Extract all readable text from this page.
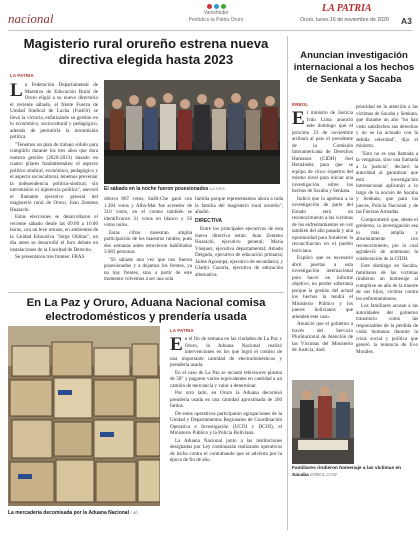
nacional	Vanishtubo
Periódico la Patria Oruro
LA PATRIA
Oruro, lunes 16 de noviembre de 2020 A3
Magisterio rural orureño estrena nueva directiva elegida hasta 2023
LA PATRIA

La Federación Departamental de Maestros de Educación Rural de Oruro eligió a su nuevo directorio el reciente sábado, el frente Fuerza de Unidad Sindical de Lucha (FusiOr) se llevó la victoria, enfatizando su gestión en lo económico, sociocultural y pedagógico, además de permitirla la intromisión política.

"Tenemos un plan de trabajo sólido para cumplirlo durante los tres años que dura nuestra gestión (2020-2023) basado en cuatro pilares fundamentales: el aspecto político sindical, económico, pedagógico y el aspecto sociocultural, tenemos preveniar la independencia política-sindical, sin intromisión ni injerencia política", aseveró el flamante ejecutivo general del magisterio rural de Oruro, Juan Zenteno Huarachi.

Estas elecciones se desarrollaron el reciente sábado desde las 09:00 a 16:00 horas, con un leve retraso, en ambientes de la Unidad Educativa "Jorge Oblitas", un día antes se desarrolló el foro debate en instalaciones de la Facultad de Derecho.

Se presentaron tres frentes: FRAS

El sábado en la noche fueron posesionados La rrms.

obtuvo 867 votos, SuHi-Che ganó con 1.284 votos y Alba-Mar fue acreedor de 310 votos, en el conteo también se identificaron 31 votos en blanco y 56 votos nulos.

Estas cifras muestran amplia participación de los maestros rurales, pues dos semanas antes estuvieron habilitados 3.083 personas.

"El sábado una vez que nos fueron posesionados y a dejamos los frentes, ya no hay frentes, sino a partir de este momento volvemos a ser una sola

familia porque representamos ahora a toda la familia del magisterio rural orureño", añadió.

DIRECTIVA

Entre los principales ejecutivos de esta nueva directiva están: Juan Zenteno Huarachi, ejecutivo general; María Vásquez, ejecutiva departamental; Amado Delgado, ejecutivo de educación primaria; Jaime Agostopa, ejecutivo de secundaria; y Gladys Cazorla, ejecutiva de educación alternativa.

En La Paz y Oruro, Aduana Nacional comisa electrodomésticos y prendería usada
La mercadería decomisada por la Aduana Nacional / ab.
LA PATRIA

En el fin de semana en las ciudades de La Paz y Oruro, la Aduana Nacional realizó intervenciones en los que logró el comiso de una importante cantidad de electrodomésticos y prendería usada.

En el caso de La Paz se incautó televisores plasma de 58" y pagaron varios equivalentes en cantidad a un camión de mercancía y valor a determinar.

Por otro lado, en Oruro la Aduana decomisó prendería usada en una cantidad aproximada de 200 fardos.

De estos operativos participaron agrupaciones de la Unidad y Departamentos Regionales de Coordinación Operativa e Investigación (UCOI y DCOI), el Ministerio Público y la Policía Boliviana.

La Aduana Nacional junto a las instituciones designadas por Ley continuarán realizando operativos de lucha contra el contrabando que se advierta por la época de fin de año.

Anuncian investigación internacional a los hechos de Senkata y Sacaba
ERBOL

El ministro de Justicia Iván Lima anunció este domingo que el próximo 23 de noviembre arribará al país el presidente de la Comisión Interamericana de Derechos Humanos (CIDH) Joel Hernández para que se equipo de cinco expertos del mismo nivel para iniciar una investigación sobre los hechos de Sacaba y Senkata.

Indicó que la apertura a la investigación de parte del Estado será un reconocimiento a las víctimas de los enfrentamientos en vez también del año pasado y una oportunidad para fortalecer la reconciliación en el pueblo boliviano.

Explicó que es necesario abrir puertas a esta investigación internacional para hacer un informe objetivo, no perder soberanía porque la gestión del actual los hechos la tendrá el Ministerio Público y los jueces bolivianos que atienden este caso.

Anunció que el gobierno a través del Servicio Plurinacional de Atención de las Víctimas del Ministerio de Justicia, dará

prioridad en la atención a las víctimas de Sacaba y Senkata, que durante un año "no han visto satisfechos sus derechos y no se ha actuado con la debida celeridad", dijo el ministro.

"Esto no es una llamada a la venganza, sino una llamada a la justicia", declaró la autoridad al garantizar que está investigación internacional aplicarán a lo largo de la noción de Sacaba y Senkata, que para los jueces, Policía Nacional y de las Fuerzas Armadas.

Comprometió que, desde el gobierno, la investigación sea lo más amplia y absolutamente con reconocimiento, por lo cual agradeció de antemano la colaboración de la CIDH.

Este domingo en Sacaba, familiares de las víctimas rindieron un homenaje al cumplirse un año de la muerte de sus hijos, víctima contra los enfrentamientos.

Los familiares acusan a las autoridades del gobierno transitorio como las responsables de la pérdida de vidas humanas durante la crisis social y política que generó la renuncia de Evo Morales.

Familiares rindieron homenaje a las víctimas en Sacaba ERBOL.COM
